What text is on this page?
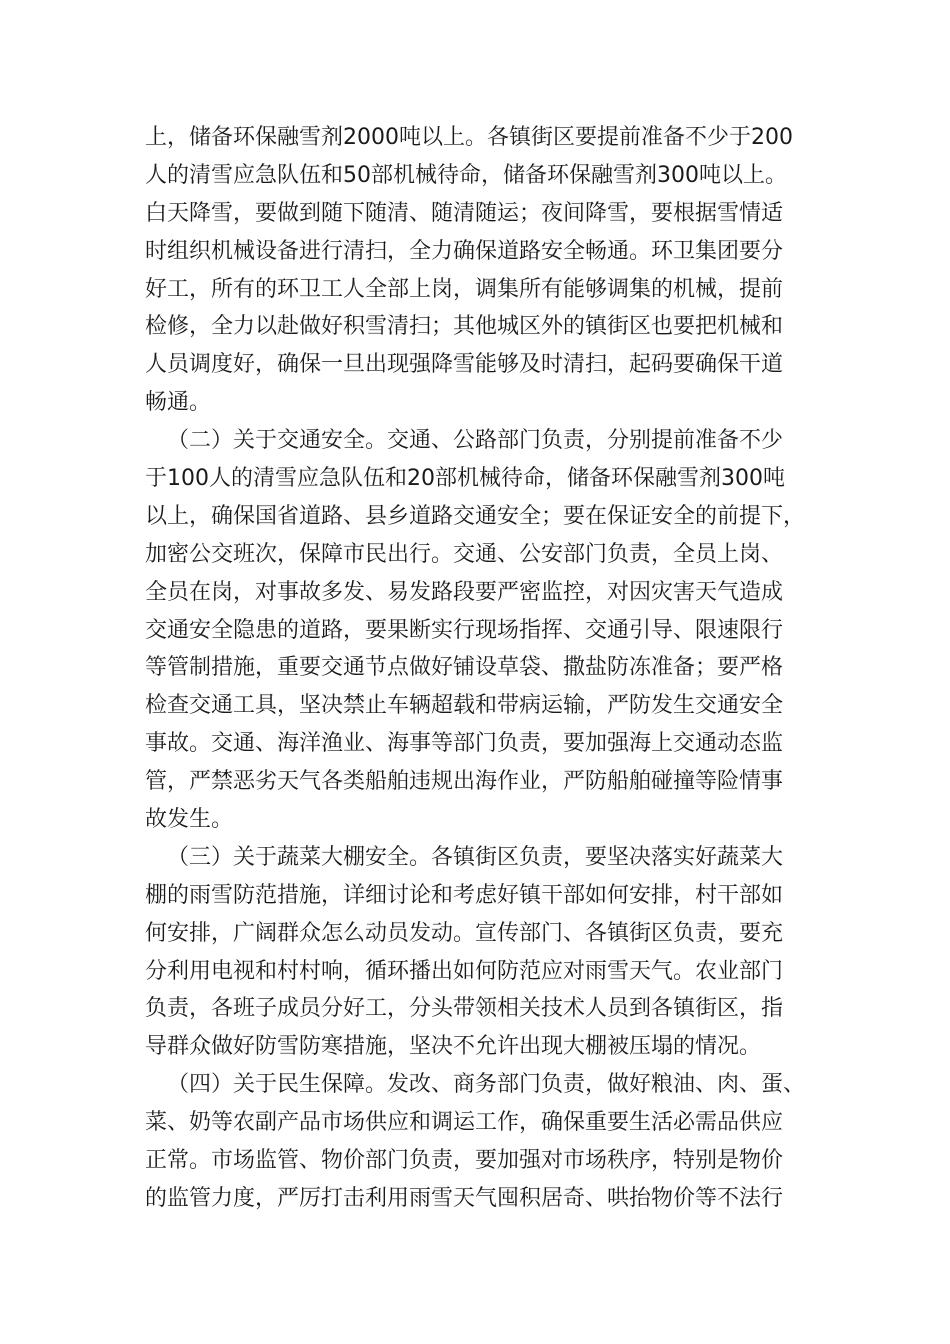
上，储备环保融雪剂2000吨以上。各镇街区要提前准备不少于200
人的清雪应急队伍和50部机械待命，储备环保融雪剂300吨以上。
白天降雪，要做到随下随清、随清随运；夜间降雪，要根据雪情适
时组织机械设备进行清扫，全力确保道路安全畅通。环卫集团要分
好工，所有的环卫工人全部上岗，调集所有能够调集的机械，提前
检修，全力以赴做好积雪清扫；其他城区外的镇街区也要把机械和
人员调度好，确保一旦出现强降雪能够及时清扫，起码要确保干道
畅通。
（二）关于交通安全。交通、公路部门负责，分别提前准备不少
于100人的清雪应急队伍和20部机械待命，储备环保融雪剂300吨
以上，确保国省道路、县乡道路交通安全；要在保证安全的前提下，
加密公交班次，保障市民出行。交通、公安部门负责，全员上岗、
全员在岗，对事故多发、易发路段要严密监控，对因灾害天气造成
交通安全隐患的道路，要果断实行现场指挥、交通引导、限速限行
等管制措施，重要交通节点做好铺设草袋、撒盐防冻准备；要严格
检查交通工具，坚决禁止车辆超载和带病运输，严防发生交通安全
事故。交通、海洋渔业、海事等部门负责，要加强海上交通动态监
管，严禁恶劣天气各类船舶违规出海作业，严防船舶碰撞等险情事
故发生。
（三）关于蔬菜大棚安全。各镇街区负责，要坚决落实好蔬菜大
棚的雨雪防范措施，详细讨论和考虑好镇干部如何安排，村干部如
何安排，广阔群众怎么动员发动。宣传部门、各镇街区负责，要充
分利用电视和村村响，循环播出如何防范应对雨雪天气。农业部门
负责，各班子成员分好工，分头带领相关技术人员到各镇街区，指
导群众做好防雪防寒措施，坚决不允许出现大棚被压塌的情况。
（四）关于民生保障。发改、商务部门负责，做好粮油、肉、蛋、
菜、奶等农副产品市场供应和调运工作，确保重要生活必需品供应
正常。市场监管、物价部门负责，要加强对市场秩序，特别是物价
的监管力度，严厉打击利用雨雪天气囤积居奇、哄抬物价等不法行
